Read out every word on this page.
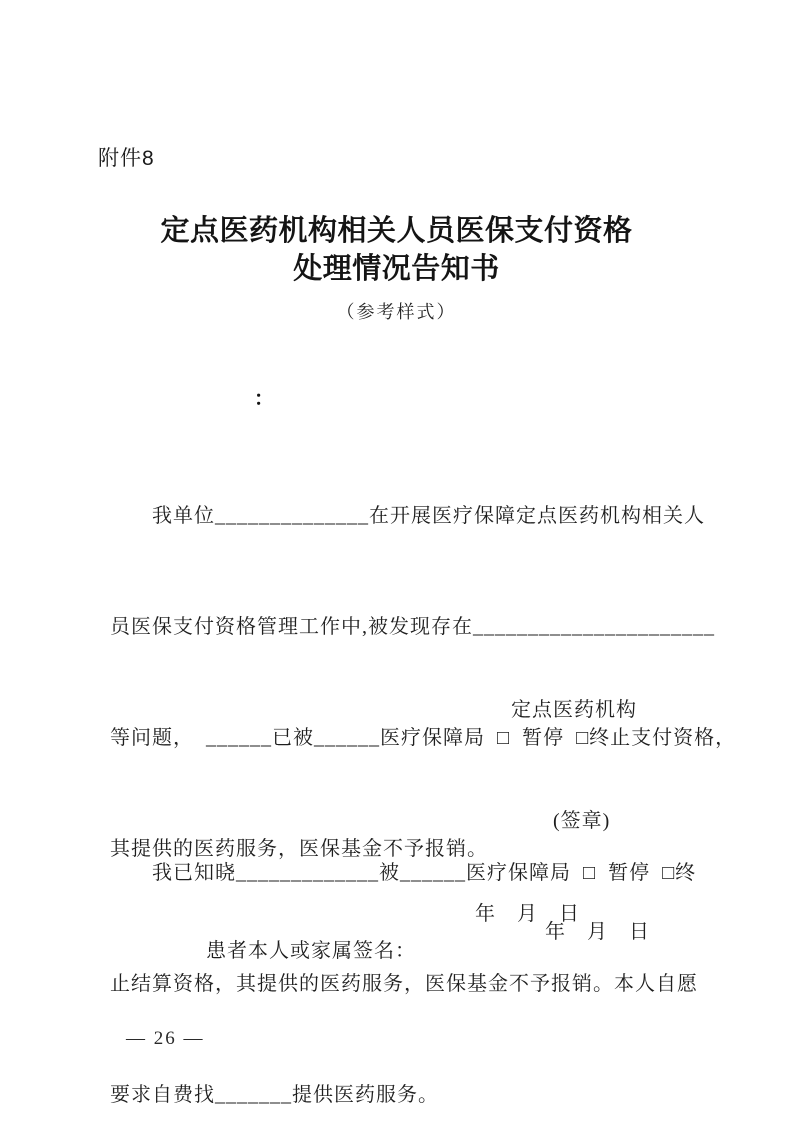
附件8
定点医药机构相关人员医保支付资格
处理情况告知书
（参考样式）
：

我单位______________在开展医疗保障定点医药机构相关人

员医保支付资格管理工作中,被发现存在______________________

等问题，  ______已被______医疗保障局  □  暂停  □终止支付资格，

其提供的医药服务，医保基金不予报销。

定点医药机构

(签章)

年　月　日

我已知晓_____________被______医疗保障局  □  暂停  □终

止结算资格，其提供的医药服务，医保基金不予报销。本人自愿

要求自费找_______提供医药服务。

患者本人或家属签名：

年　月　日

— 26 —
